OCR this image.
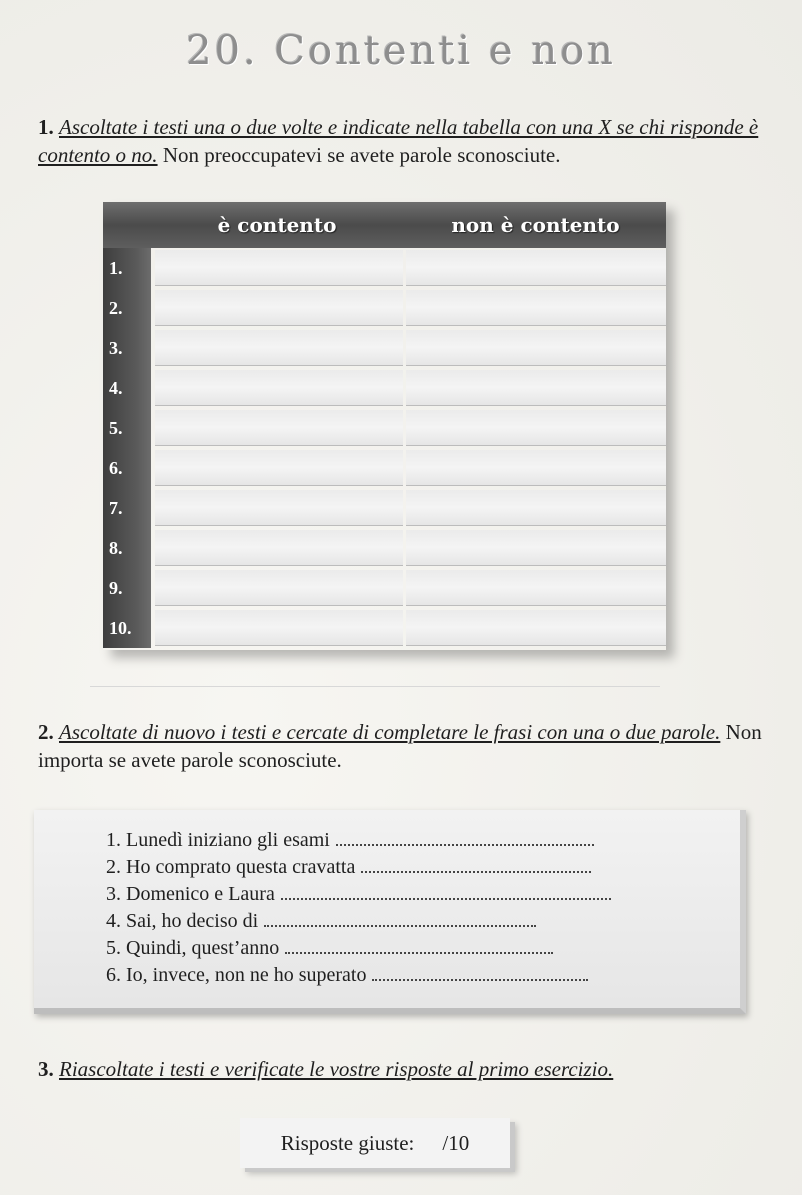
20. Contenti e non
1. Ascoltate i testi una o due volte e indicate nella tabella con una X se chi risponde è contento o no. Non preoccupatevi se avete parole sconosciute.
è contento	non è contento
1.
2.
3.
4.
5.
6.
7.
8.
9.
10.
2. Ascoltate di nuovo i testi e cercate di completare le frasi con una o due parole. Non importa se avete parole sconosciute.
1. Lunedì iniziano gli esami
2. Ho comprato questa cravatta
3. Domenico e Laura
4. Sai, ho deciso di
5. Quindi, quest’anno
6. Io, invece, non ne ho superato
3. Riascoltate i testi e verificate le vostre risposte al primo esercizio.
Risposte giuste: /10
